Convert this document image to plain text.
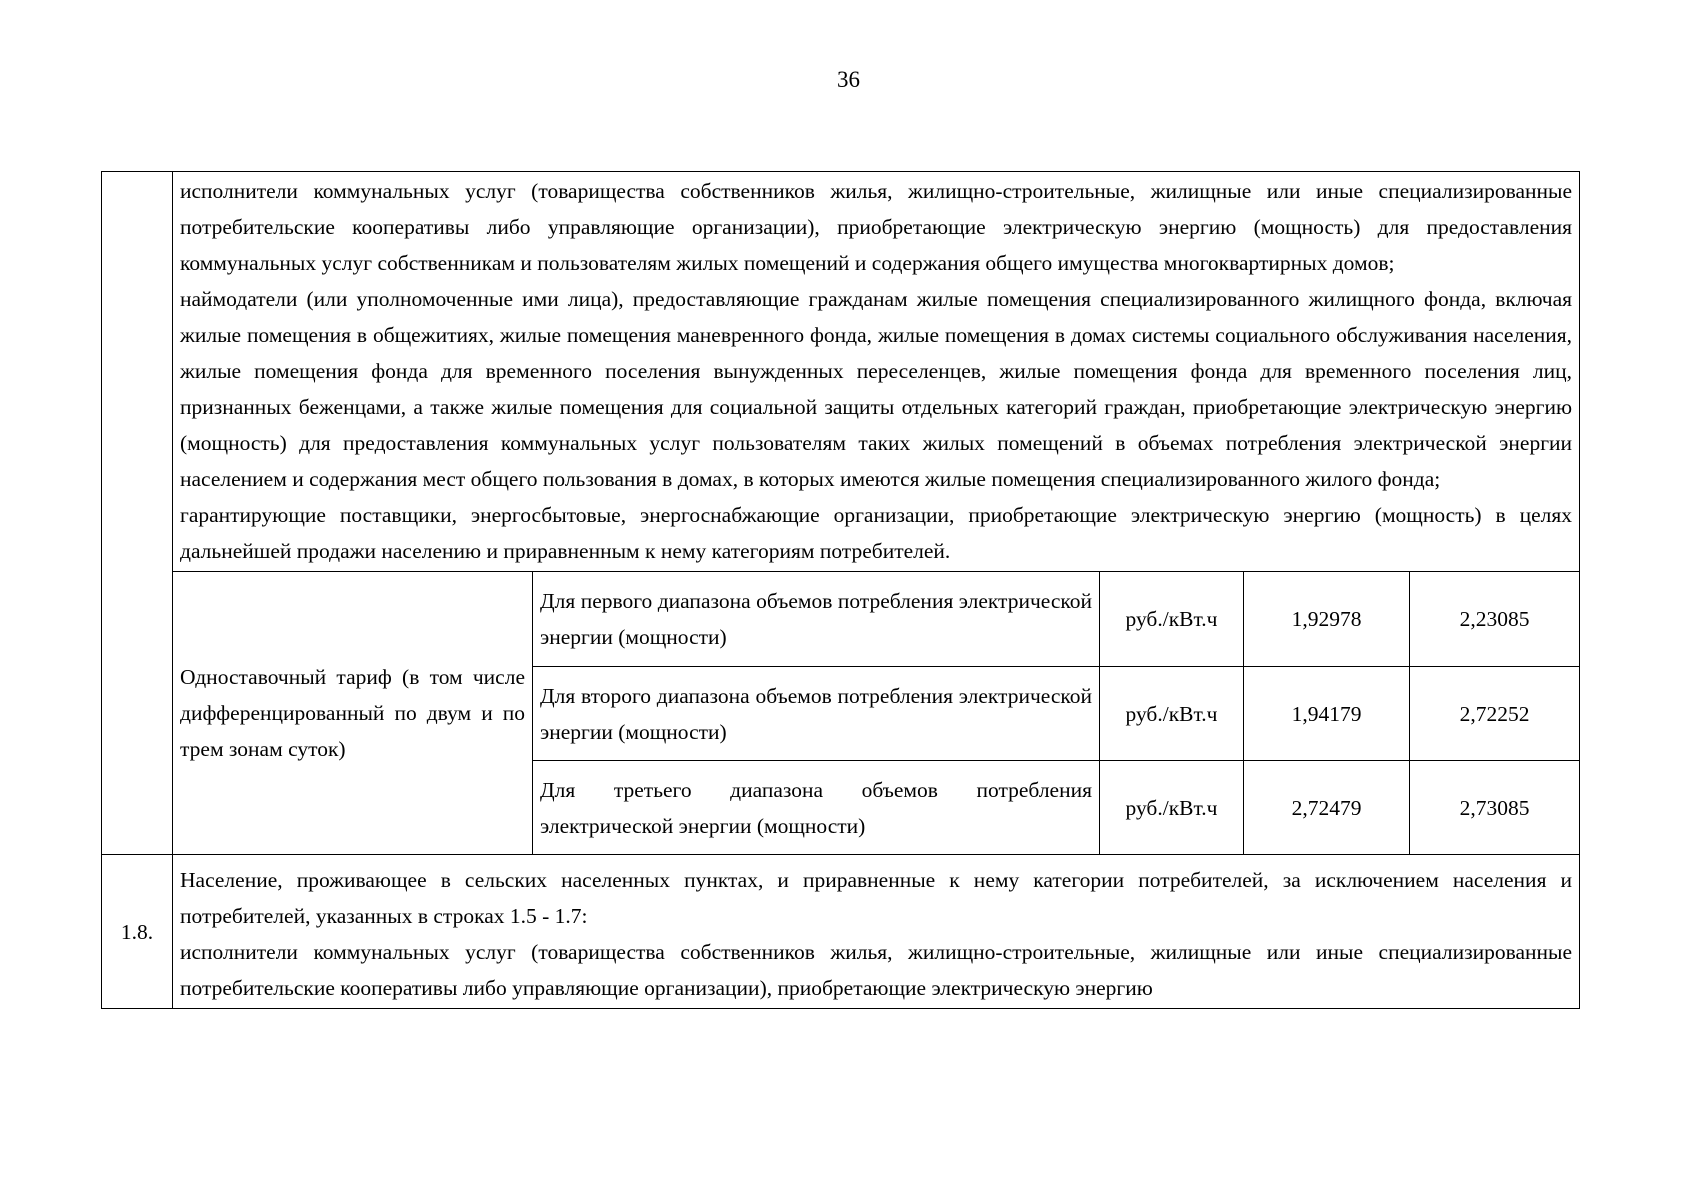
36

	исполнители коммунальных услуг (товарищества собственников жилья, жилищно-строительные, жилищные или иные специализированные потребительские кооперативы либо управляющие организации), приобретающие электрическую энергию (мощность) для предоставления коммунальных услуг собственникам и пользователям жилых помещений и содержания общего имущества многоквартирных домов;
наймодатели (или уполномоченные ими лица), предоставляющие гражданам жилые помещения специализированного жилищного фонда, включая жилые помещения в общежитиях, жилые помещения маневренного фонда, жилые помещения в домах системы социального обслуживания населения, жилые помещения фонда для временного поселения вынужденных переселенцев, жилые помещения фонда для временного поселения лиц, признанных беженцами, а также жилые помещения для социальной защиты отдельных категорий граждан, приобретающие электрическую энергию (мощность) для предоставления коммунальных услуг пользователям таких жилых помещений в объемах потребления электрической энергии населением и содержания мест общего пользования в домах, в которых имеются жилые помещения специализированного жилого фонда;
гарантирующие поставщики, энергосбытовые, энергоснабжающие организации, приобретающие электрическую энергию (мощность) в целях дальнейшей продажи населению и приравненным к нему категориям потребителей.				

	Одноставочный тариф (в том числе дифференцированный по двум и по трем зонам суток)	Для первого диапазона объемов потребления электрической энергии (мощности)	руб./кВт.ч	1,92978	2,23085
		Для второго диапазона объемов потребления электрической энергии (мощности)	руб./кВт.ч	1,94179	2,72252
		Для третьего диапазона объемов потребления электрической энергии (мощности)	руб./кВт.ч	2,72479	2,73085
1.8.	Население, проживающее в сельских населенных пунктах, и приравненные к нему категории потребителей, за исключением населения и потребителей, указанных в строках 1.5 - 1.7:
исполнители коммунальных услуг (товарищества собственников жилья, жилищно-строительные, жилищные или иные специализированные потребительские кооперативы либо управляющие организации), приобретающие электрическую энергию				
